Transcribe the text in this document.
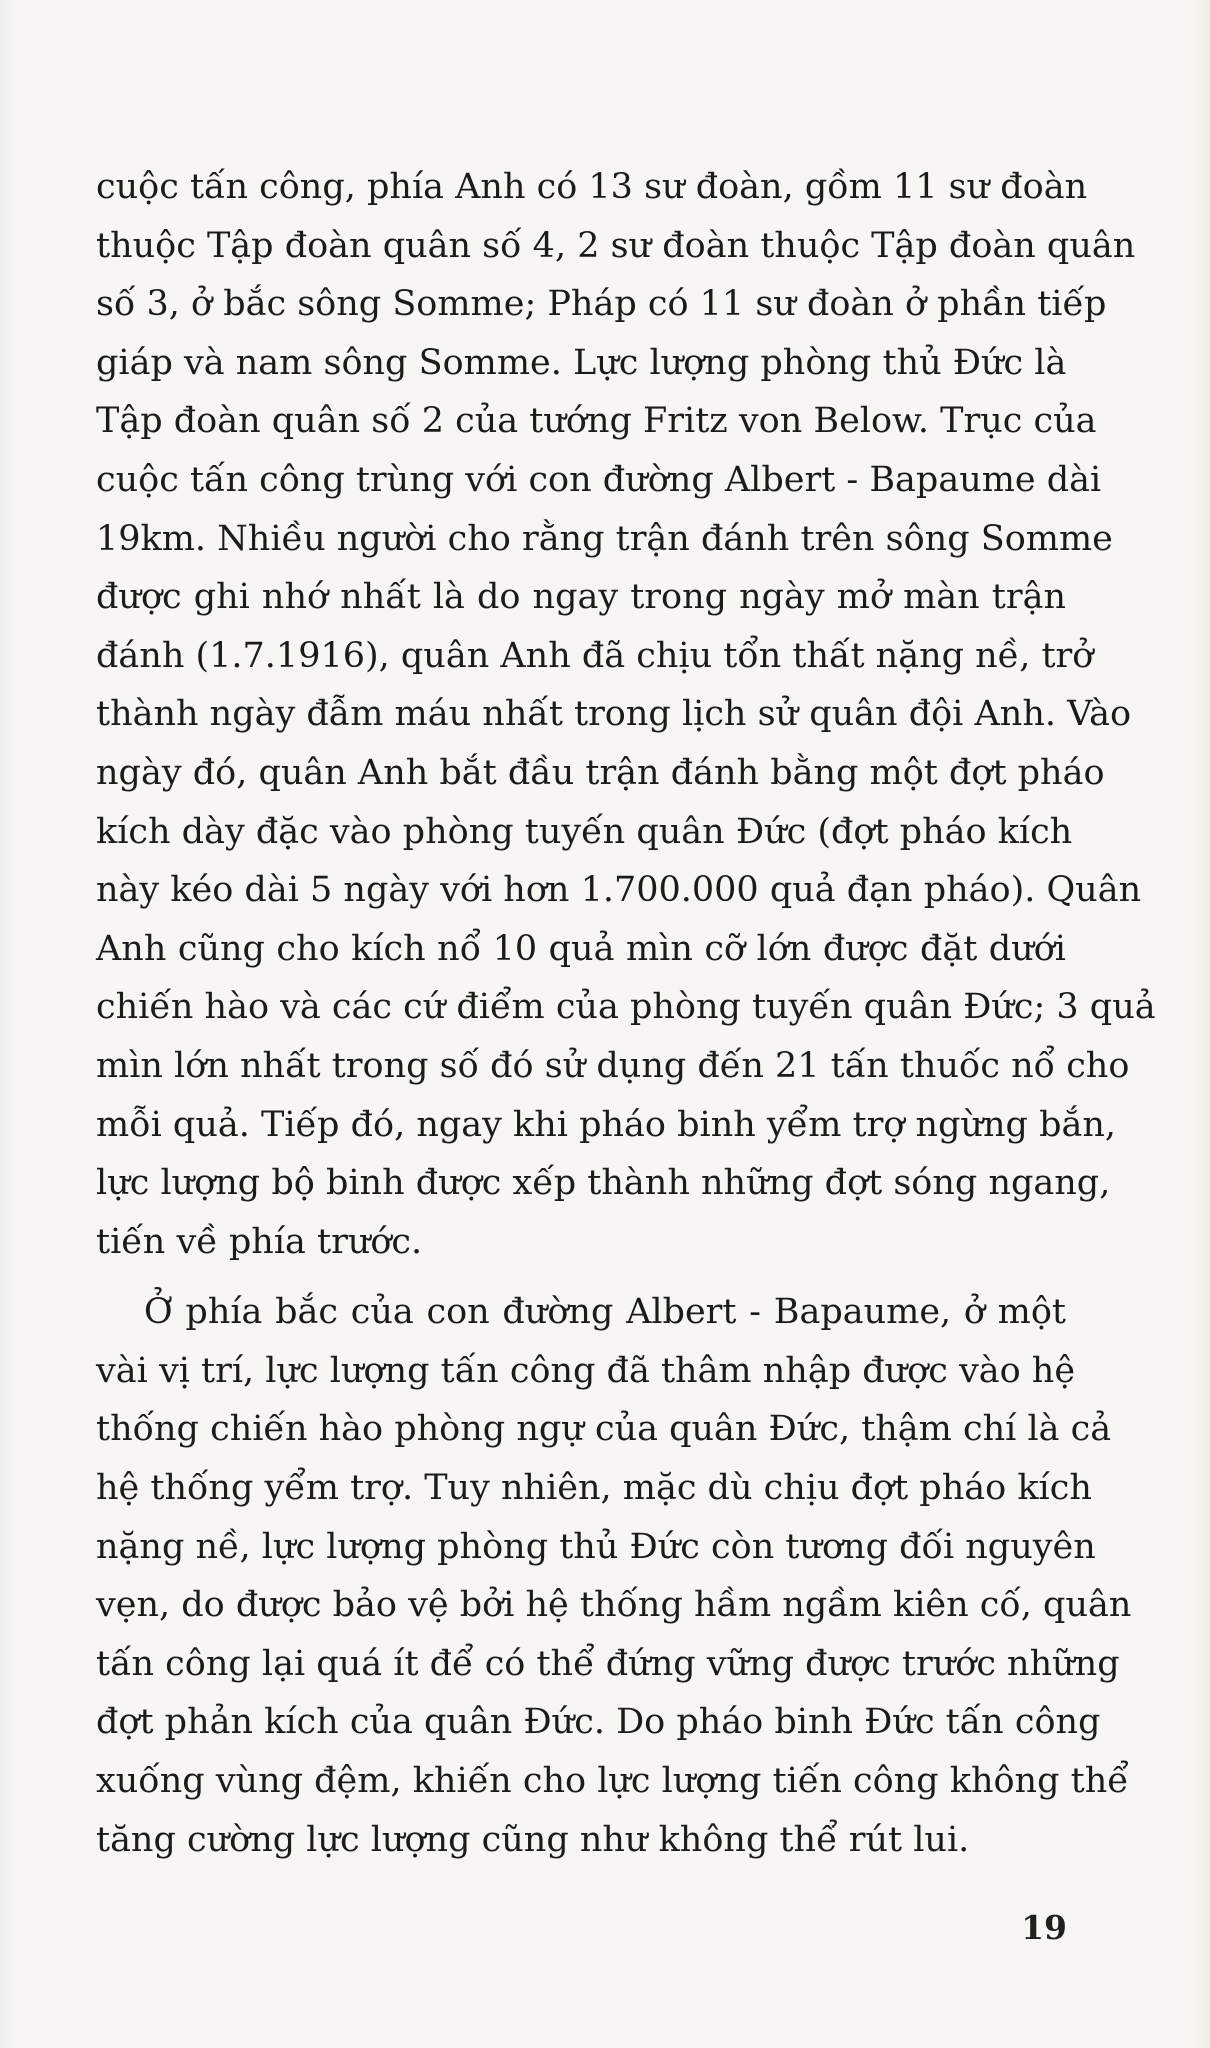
cuộc tấn công, phía Anh có 13 sư đoàn, gồm 11 sư đoàn
thuộc Tập đoàn quân số 4, 2 sư đoàn thuộc Tập đoàn quân
số 3, ở bắc sông Somme; Pháp có 11 sư đoàn ở phần tiếp
giáp và nam sông Somme. Lực lượng phòng thủ Đức là
Tập đoàn quân số 2 của tướng Fritz von Below. Trục của
cuộc tấn công trùng với con đường Albert - Bapaume dài
19km. Nhiều người cho rằng trận đánh trên sông Somme
được ghi nhớ nhất là do ngay trong ngày mở màn trận
đánh (1.7.1916), quân Anh đã chịu tổn thất nặng nề, trở
thành ngày đẫm máu nhất trong lịch sử quân đội Anh. Vào
ngày đó, quân Anh bắt đầu trận đánh bằng một đợt pháo
kích dày đặc vào phòng tuyến quân Đức (đợt pháo kích
này kéo dài 5 ngày với hơn 1.700.000 quả đạn pháo). Quân
Anh cũng cho kích nổ 10 quả mìn cỡ lớn được đặt dưới
chiến hào và các cứ điểm của phòng tuyến quân Đức; 3 quả
mìn lớn nhất trong số đó sử dụng đến 21 tấn thuốc nổ cho
mỗi quả. Tiếp đó, ngay khi pháo binh yểm trợ ngừng bắn,
lực lượng bộ binh được xếp thành những đợt sóng ngang,
tiến về phía trước.
Ở phía bắc của con đường Albert - Bapaume, ở một
vài vị trí, lực lượng tấn công đã thâm nhập được vào hệ
thống chiến hào phòng ngự của quân Đức, thậm chí là cả
hệ thống yểm trợ. Tuy nhiên, mặc dù chịu đợt pháo kích
nặng nề, lực lượng phòng thủ Đức còn tương đối nguyên
vẹn, do được bảo vệ bởi hệ thống hầm ngầm kiên cố, quân
tấn công lại quá ít để có thể đứng vững được trước những
đợt phản kích của quân Đức. Do pháo binh Đức tấn công
xuống vùng đệm, khiến cho lực lượng tiến công không thể
tăng cường lực lượng cũng như không thể rút lui.
19
